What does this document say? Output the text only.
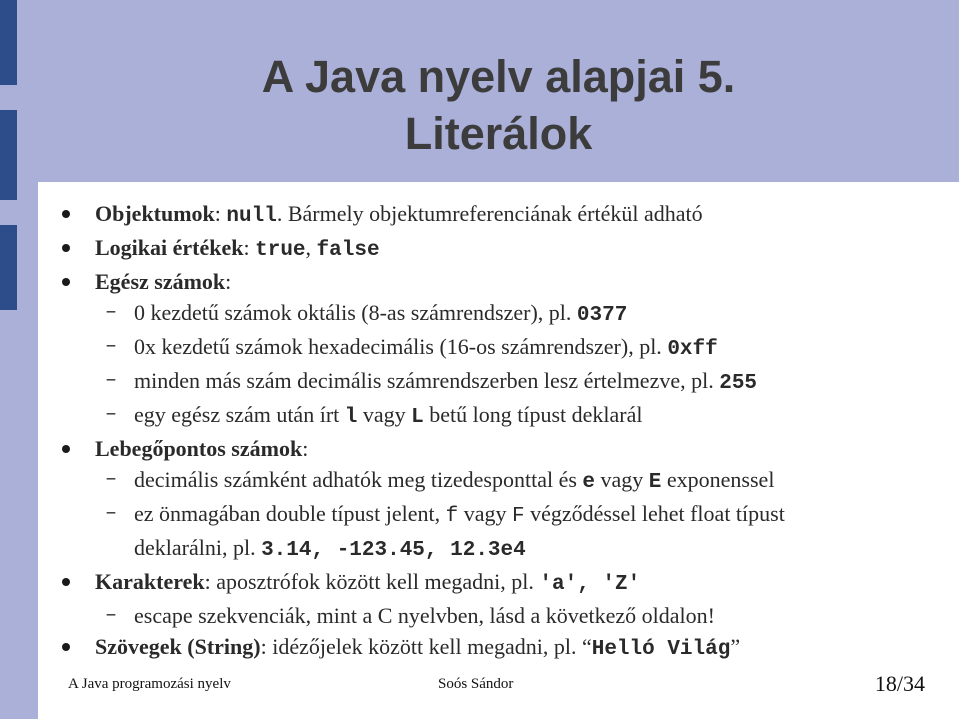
A Java nyelv alapjai 5.
Literálok
Objektumok: null. Bármely objektumreferenciának értékül adható
Logikai értékek: true, false
Egész számok:
– 0 kezdetű számok oktális (8-as számrendszer), pl. 0377
– 0x kezdetű számok hexadecimális (16-os számrendszer), pl. 0xff
– minden más szám decimális számrendszerben lesz értelmezve, pl. 255
– egy egész szám után írt l vagy L betű long típust deklarál
Lebegőpontos számok:
– decimális számként adhatók meg tizedesponttal és e vagy E exponenssel
– ez önmagában double típust jelent, f vagy F végződéssel lehet float típust
deklarálni, pl. 3.14, -123.45, 12.3e4
Karakterek: aposztrófok között kell megadni, pl. 'a', 'Z'
– escape szekvenciák, mint a C nyelvben, lásd a következő oldalon!
Szövegek (String): idézőjelek között kell megadni, pl. “Helló Világ”
A Java programozási nyelv	Soós Sándor	18/34
